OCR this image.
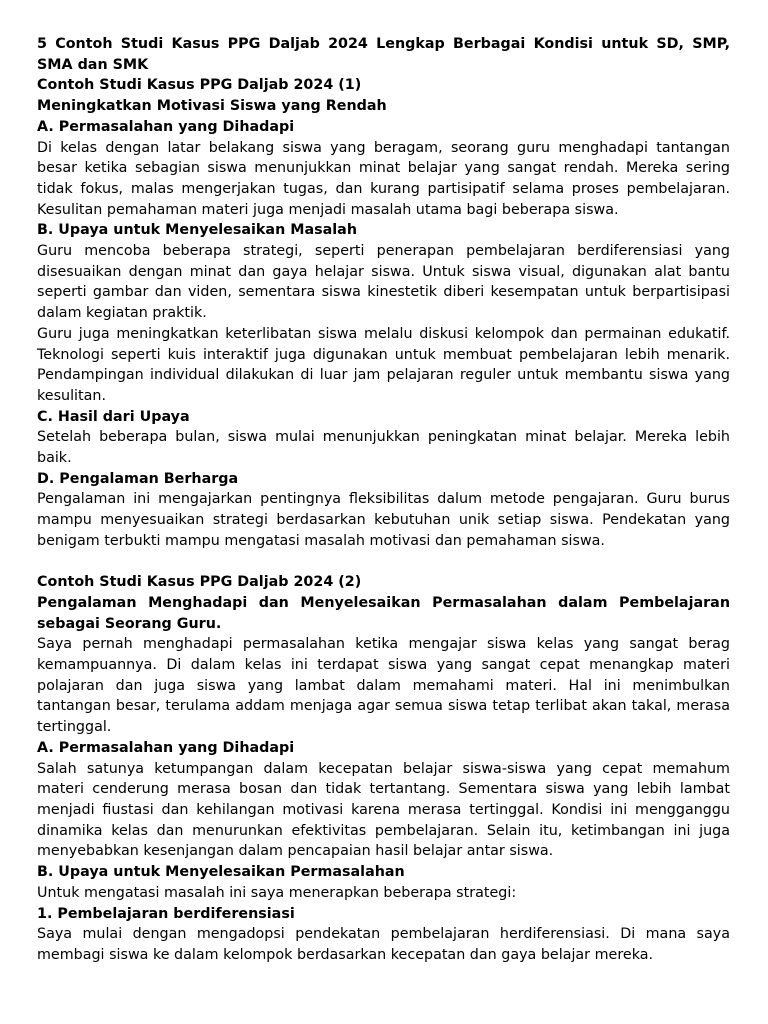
5 Contoh Studi Kasus PPG Daljab 2024 Lengkap Berbagai Kondisi untuk SD, SMP, SMA dan SMK

Contoh Studi Kasus PPG Daljab 2024 (1)

Meningkatkan Motivasi Siswa yang Rendah

A. Permasalahan yang Dihadapi

Di kelas dengan latar belakang siswa yang beragam, seorang guru menghadapi tantangan besar ketika sebagian siswa menunjukkan minat belajar yang sangat rendah. Mereka sering tidak fokus, malas mengerjakan tugas, dan kurang partisipatif selama proses pembelajaran. Kesulitan pemahaman materi juga menjadi masalah utama bagi beberapa siswa.

B. Upaya untuk Menyelesaikan Masalah

Guru mencoba beberapa strategi, seperti penerapan pembelajaran berdiferensiasi yang disesuaikan dengan minat dan gaya helajar siswa. Untuk siswa visual, digunakan alat bantu seperti gambar dan viden, sementara siswa kinestetik diberi kesempatan untuk berpartisipasi dalam kegiatan praktik.

Guru juga meningkatkan keterlibatan siswa melalu diskusi kelompok dan permainan edukatif. Teknologi seperti kuis interaktif juga digunakan untuk membuat pembelajaran lebih menarik. Pendampingan individual dilakukan di luar jam pelajaran reguler untuk membantu siswa yang kesulitan.

C. Hasil dari Upaya

Setelah beberapa bulan, siswa mulai menunjukkan peningkatan minat belajar. Mereka lebih baik.

D. Pengalaman Berharga

Pengalaman ini mengajarkan pentingnya fleksibilitas dalum metode pengajaran. Guru burus mampu menyesuaikan strategi berdasarkan kebutuhan unik setiap siswa. Pendekatan yang benigam terbukti mampu mengatasi masalah motivasi dan pemahaman siswa.

Contoh Studi Kasus PPG Daljab 2024 (2)

Pengalaman Menghadapi dan Menyelesaikan Permasalahan dalam Pembelajaran sebagai Seorang Guru.

Saya pernah menghadapi permasalahan ketika mengajar siswa kelas yang sangat berag kemampuannya. Di dalam kelas ini terdapat siswa yang sangat cepat menangkap materi polajaran dan juga siswa yang lambat dalam memahami materi. Hal ini menimbulkan tantangan besar, terulama addam menjaga agar semua siswa tetap terlibat akan takal, merasa tertinggal.

A. Permasalahan yang Dihadapi

Salah satunya ketumpangan dalam kecepatan belajar siswa-siswa yang cepat memahum materi cenderung merasa bosan dan tidak tertantang. Sementara siswa yang lebih lambat menjadi fiustasi dan kehilangan motivasi karena merasa tertinggal. Kondisi ini mengganggu dinamika kelas dan menurunkan efektivitas pembelajaran. Selain itu, ketimbangan ini juga menyebabkan kesenjangan dalam pencapaian hasil belajar antar siswa.

B. Upaya untuk Menyelesaikan Permasalahan

Untuk mengatasi masalah ini saya menerapkan beberapa strategi:

1. Pembelajaran berdiferensiasi

Saya mulai dengan mengadopsi pendekatan pembelajaran herdiferensiasi. Di mana saya membagi siswa ke dalam kelompok berdasarkan kecepatan dan gaya belajar mereka.
